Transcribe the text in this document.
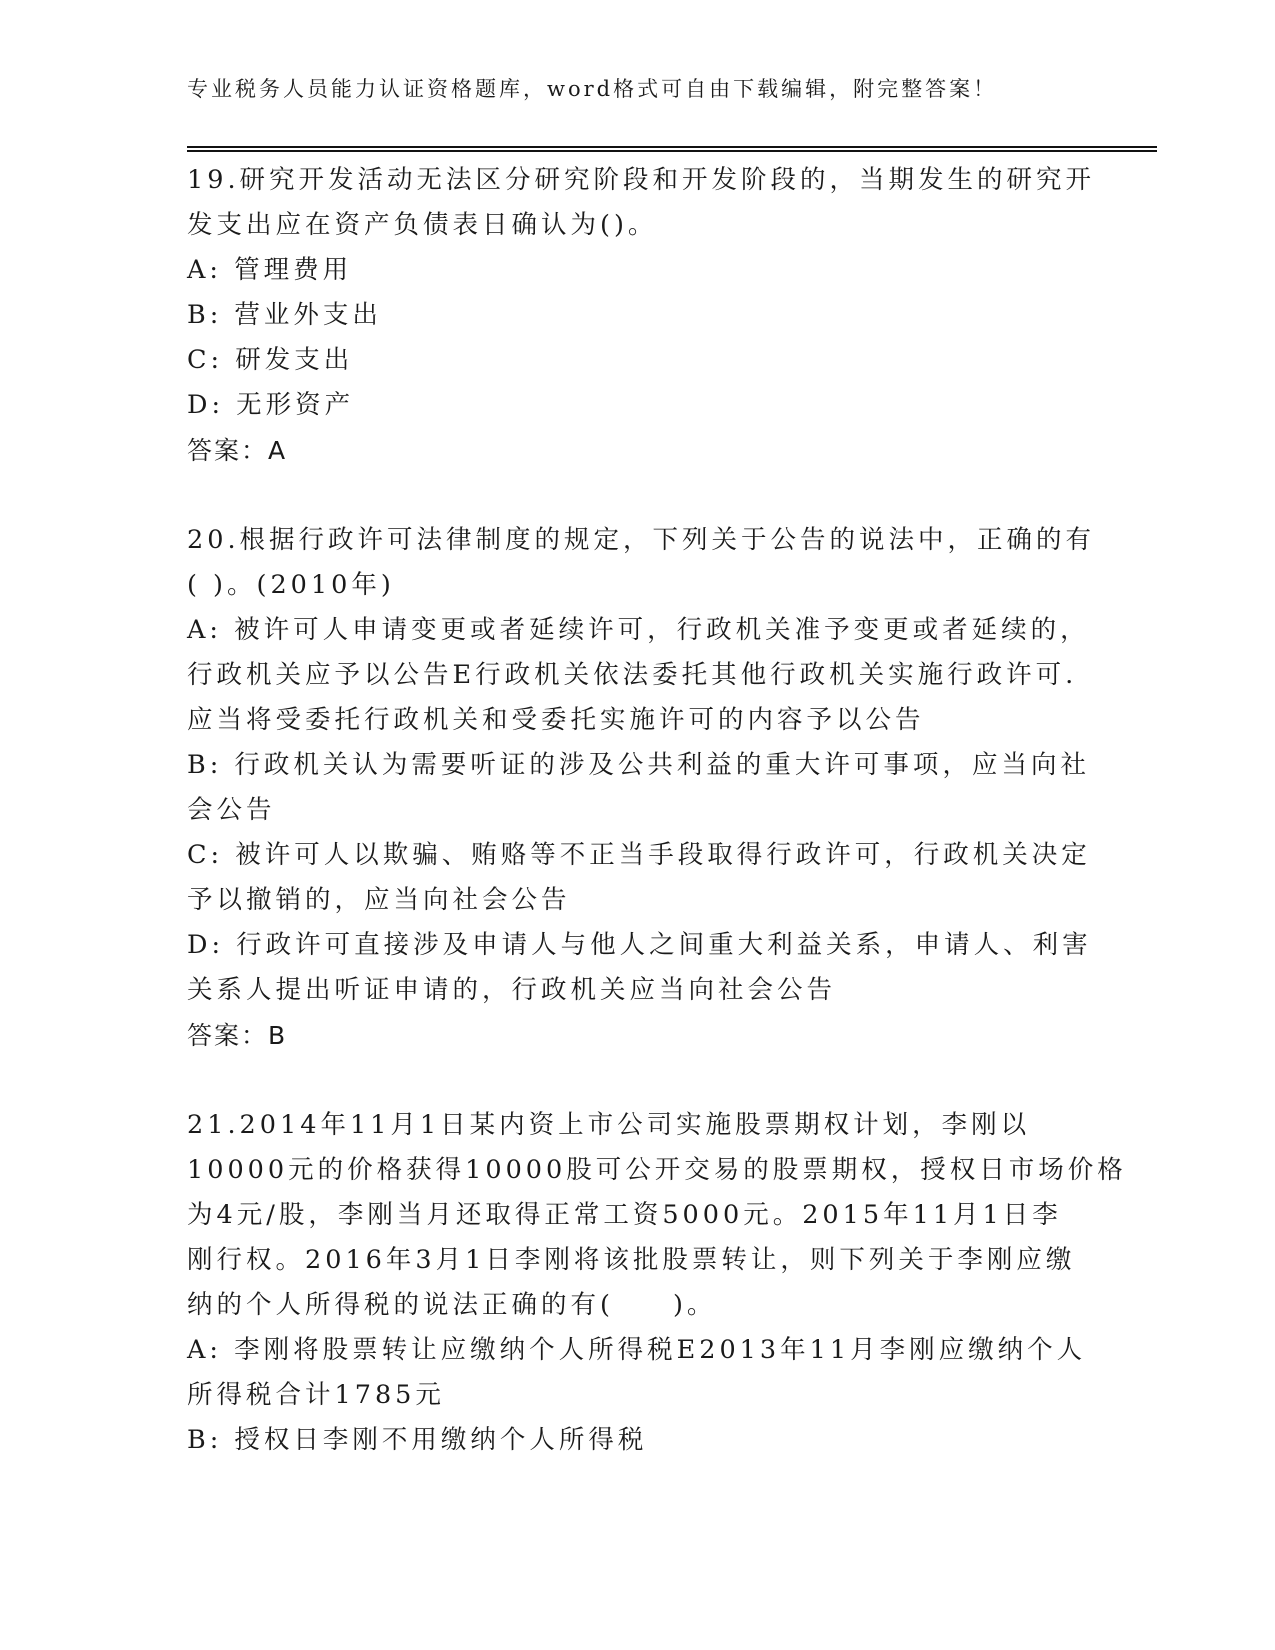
专业税务人员能力认证资格题库，word格式可自由下载编辑，附完整答案！
19.研究开发活动无法区分研究阶段和开发阶段的，当期发生的研究开
发支出应在资产负债表日确认为()。
A: 管理费用
B: 营业外支出
C: 研发支出
D: 无形资产
答案：A
20.根据行政许可法律制度的规定，下列关于公告的说法中，正确的有
( )。(2010年)
A: 被许可人申请变更或者延续许可，行政机关准予变更或者延续的，
行政机关应予以公告E行政机关依法委托其他行政机关实施行政许可.
应当将受委托行政机关和受委托实施许可的内容予以公告
B: 行政机关认为需要听证的涉及公共利益的重大许可事项，应当向社
会公告
C: 被许可人以欺骗、贿赂等不正当手段取得行政许可，行政机关决定
予以撤销的，应当向社会公告
D: 行政许可直接涉及申请人与他人之间重大利益关系，申请人、利害
关系人提出听证申请的，行政机关应当向社会公告
答案：B
21.2014年11月1日某内资上市公司实施股票期权计划，李刚以
10000元的价格获得10000股可公开交易的股票期权，授权日市场价格
为4元/股，李刚当月还取得正常工资5000元。2015年11月1日李
刚行权。2016年3月1日李刚将该批股票转让，则下列关于李刚应缴
纳的个人所得税的说法正确的有(　　)。
A: 李刚将股票转让应缴纳个人所得税E2013年11月李刚应缴纳个人
所得税合计1785元
B: 授权日李刚不用缴纳个人所得税
